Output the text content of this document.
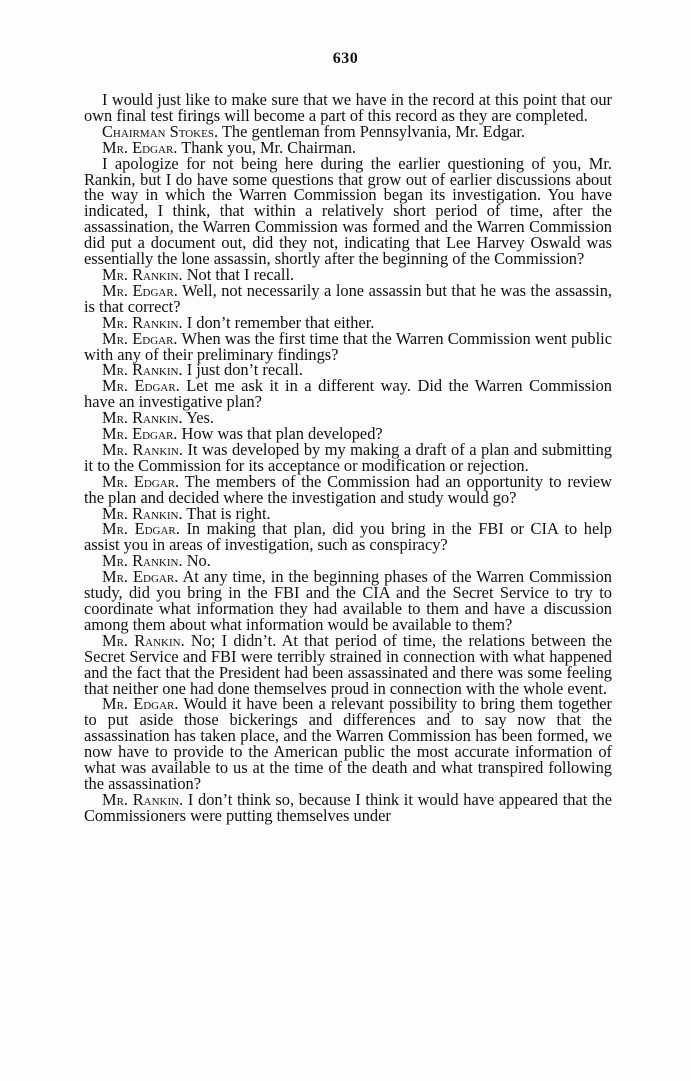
630

I would just like to make sure that we have in the record at this point that our own final test firings will become a part of this record as they are completed.

Chairman Stokes. The gentleman from Pennsylvania, Mr. Edgar.

Mr. Edgar. Thank you, Mr. Chairman.

I apologize for not being here during the earlier questioning of you, Mr. Rankin, but I do have some questions that grow out of earlier discussions about the way in which the Warren Commission began its investigation. You have indicated, I think, that within a relatively short period of time, after the assassination, the Warren Commission was formed and the Warren Commission did put a document out, did they not, indicating that Lee Harvey Oswald was essentially the lone assassin, shortly after the beginning of the Commission?

Mr. Rankin. Not that I recall.

Mr. Edgar. Well, not necessarily a lone assassin but that he was the assassin, is that correct?

Mr. Rankin. I don’t remember that either.

Mr. Edgar. When was the first time that the Warren Commission went public with any of their preliminary findings?

Mr. Rankin. I just don’t recall.

Mr. Edgar. Let me ask it in a different way. Did the Warren Commission have an investigative plan?

Mr. Rankin. Yes.

Mr. Edgar. How was that plan developed?

Mr. Rankin. It was developed by my making a draft of a plan and submitting it to the Commission for its acceptance or modification or rejection.

Mr. Edgar. The members of the Commission had an opportunity to review the plan and decided where the investigation and study would go?

Mr. Rankin. That is right.

Mr. Edgar. In making that plan, did you bring in the FBI or CIA to help assist you in areas of investigation, such as conspiracy?

Mr. Rankin. No.

Mr. Edgar. At any time, in the beginning phases of the Warren Commission study, did you bring in the FBI and the CIA and the Secret Service to try to coordinate what information they had available to them and have a discussion among them about what information would be available to them?

Mr. Rankin. No; I didn’t. At that period of time, the relations between the Secret Service and FBI were terribly strained in connection with what happened and the fact that the President had been assassinated and there was some feeling that neither one had done themselves proud in connection with the whole event.

Mr. Edgar. Would it have been a relevant possibility to bring them together to put aside those bickerings and differences and to say now that the assassination has taken place, and the Warren Commission has been formed, we now have to provide to the American public the most accurate information of what was available to us at the time of the death and what transpired following the assassination?

Mr. Rankin. I don’t think so, because I think it would have appeared that the Commissioners were putting themselves under
